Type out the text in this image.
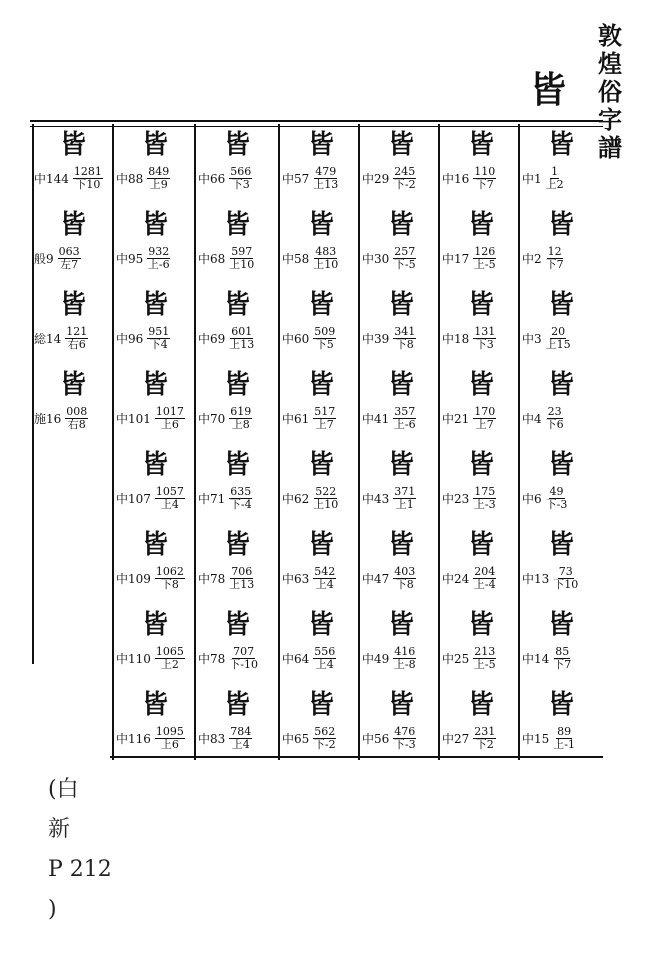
敦
煌
俗
字
譜
皆
皆
中$1 \frac{1}{\text{上2}}$
皆
中$2 \frac{12}{\text{下7}}$
皆
中$3 \frac{20}{\text{上15}}$
皆
中$4 \frac{23}{\text{下6}}$
皆
中$6 \frac{49}{\text{下-3}}$
皆
中$13 \frac{73}{\text{下10}}$
皆
中$14 \frac{85}{\text{下7}}$
皆
中$15 \frac{89}{\text{上-1}}$
皆
中$16 \frac{110}{\text{下7}}$
皆
中$17 \frac{126}{\text{上-5}}$
皆
中$18 \frac{131}{\text{下3}}$
皆
中$21 \frac{170}{\text{上7}}$
皆
中$23 \frac{175}{\text{上-3}}$
皆
中$24 \frac{204}{\text{上-4}}$
皆
中$25 \frac{213}{\text{上-5}}$
皆
中$27 \frac{231}{\text{下2}}$
皆
中$29 \frac{245}{\text{下-2}}$
皆
中$30 \frac{257}{\text{下-5}}$
皆
中$39 \frac{341}{\text{下8}}$
皆
中$41 \frac{357}{\text{上-6}}$
皆
中$43 \frac{371}{\text{上1}}$
皆
中$47 \frac{403}{\text{下8}}$
皆
中$49 \frac{416}{\text{上-8}}$
皆
中$56 \frac{476}{\text{下-3}}$
皆
中$57 \frac{479}{\text{上13}}$
皆
中$58 \frac{483}{\text{上10}}$
皆
中$60 \frac{509}{\text{下5}}$
皆
中$61 \frac{517}{\text{上7}}$
皆
中$62 \frac{522}{\text{上10}}$
皆
中$63 \frac{542}{\text{上4}}$
皆
中$64 \frac{556}{\text{上4}}$
皆
中$65 \frac{562}{\text{下-2}}$
皆
中$66 \frac{566}{\text{下3}}$
皆
中$68 \frac{597}{\text{上10}}$
皆
中$69 \frac{601}{\text{上13}}$
皆
中$70 \frac{619}{\text{上8}}$
皆
中$71 \frac{635}{\text{下-4}}$
皆
中$78 \frac{706}{\text{上13}}$
皆
中$78 \frac{707}{\text{下-10}}$
皆
中$83 \frac{784}{\text{上4}}$
皆
中$88 \frac{849}{\text{上9}}$
皆
中$95 \frac{932}{\text{上-6}}$
皆
中$96 \frac{951}{\text{下4}}$
皆
中$101 \frac{1017}{\text{上6}}$
皆
中$107 \frac{1057}{\text{上4}}$
皆
中$109 \frac{1062}{\text{下8}}$
皆
中$110 \frac{1065}{\text{上2}}$
皆
中$116 \frac{1095}{\text{上6}}$
皆
中$144 \frac{1281}{\text{下10}}$
皆
般$9 \frac{063}{\text{左7}}$
皆
総$14 \frac{121}{\text{右6}}$
皆
施$16 \frac{008}{\text{右8}}$
(白
新
P 212
)
